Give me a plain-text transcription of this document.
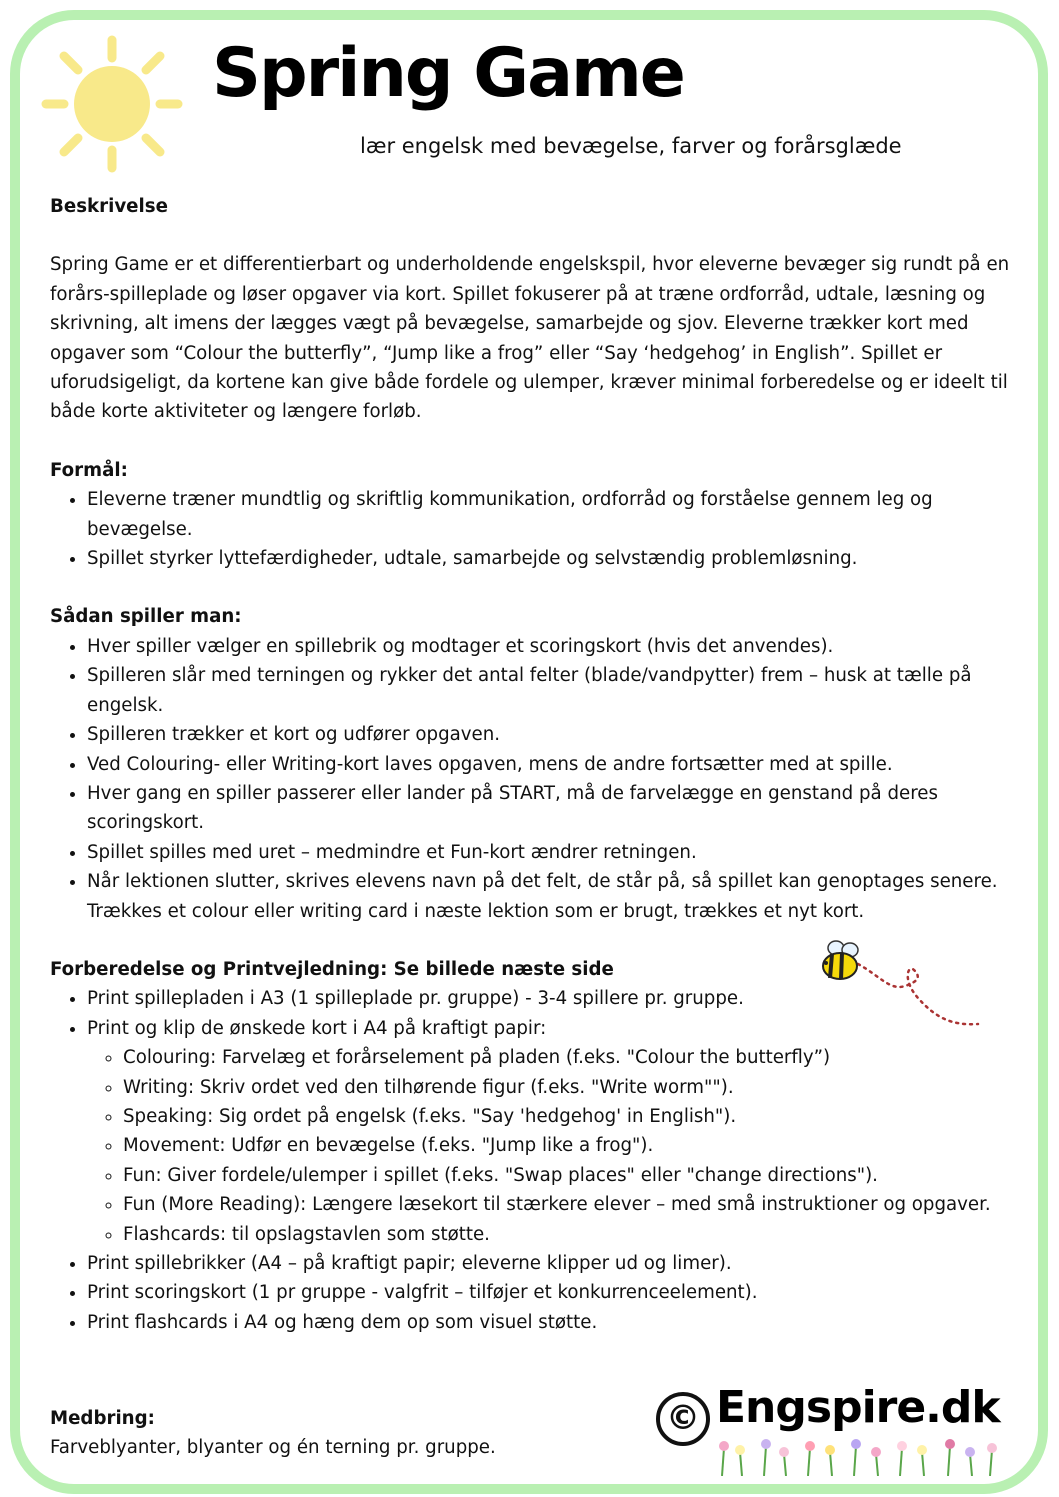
Spring Game

lær engelsk med bevægelse, farver og forårsglæde

Beskrivelse

Spring Game er et differentierbart og underholdende engelskspil, hvor eleverne bevæger sig rundt på en forårs-spilleplade og løser opgaver via kort. Spillet fokuserer på at træne ordforråd, udtale, læsning og skrivning, alt imens der lægges vægt på bevægelse, samarbejde og sjov. Eleverne trækker kort med opgaver som “Colour the butterfly”, “Jump like a frog” eller “Say ‘hedgehog’ in English”. Spillet er uforudsigeligt, da kortene kan give både fordele og ulemper, kræver minimal forberedelse og er ideelt til både korte aktiviteter og længere forløb.

Formål:

• Eleverne træner mundtlig og skriftlig kommunikation, ordforråd og forståelse gennem leg og bevægelse.
• Spillet styrker lyttefærdigheder, udtale, samarbejde og selvstændig problemløsning.

Sådan spiller man:

• Hver spiller vælger en spillebrik og modtager et scoringskort (hvis det anvendes).
• Spilleren slår med terningen og rykker det antal felter (blade/vandpytter) frem – husk at tælle på engelsk.
• Spilleren trækker et kort og udfører opgaven.
• Ved Colouring- eller Writing-kort laves opgaven, mens de andre fortsætter med at spille.
• Hver gang en spiller passerer eller lander på START, må de farvelægge en genstand på deres scoringskort.
• Spillet spilles med uret – medmindre et Fun-kort ændrer retningen.
• Når lektionen slutter, skrives elevens navn på det felt, de står på, så spillet kan genoptages senere. Trækkes et colour eller writing card i næste lektion som er brugt, trækkes et nyt kort.

Forberedelse og Printvejledning: Se billede næste side

• Print spillepladen i A3 (1 spilleplade pr. gruppe) - 3-4 spillere pr. gruppe.
• Print og klip de ønskede kort i A4 på kraftigt papir:
◦ Colouring: Farvelæg et forårselement på pladen (f.eks. "Colour the butterfly”)
◦ Writing: Skriv ordet ved den tilhørende figur (f.eks. "Write worm"").
◦ Speaking: Sig ordet på engelsk (f.eks. "Say 'hedgehog' in English").
◦ Movement: Udfør en bevægelse (f.eks. "Jump like a frog").
◦ Fun: Giver fordele/ulemper i spillet (f.eks. "Swap places" eller "change directions").
◦ Fun (More Reading): Længere læsekort til stærkere elever – med små instruktioner og opgaver.
◦ Flashcards: til opslagstavlen som støtte.
• Print spillebrikker (A4 – på kraftigt papir; eleverne klipper ud og limer).
• Print scoringskort (1 pr gruppe - valgfrit – tilføjer et konkurrenceelement).
• Print flashcards i A4 og hæng dem op som visuel støtte.

Medbring:

Farveblyanter, blyanter og én terning pr. gruppe.

© Engspire.dk
